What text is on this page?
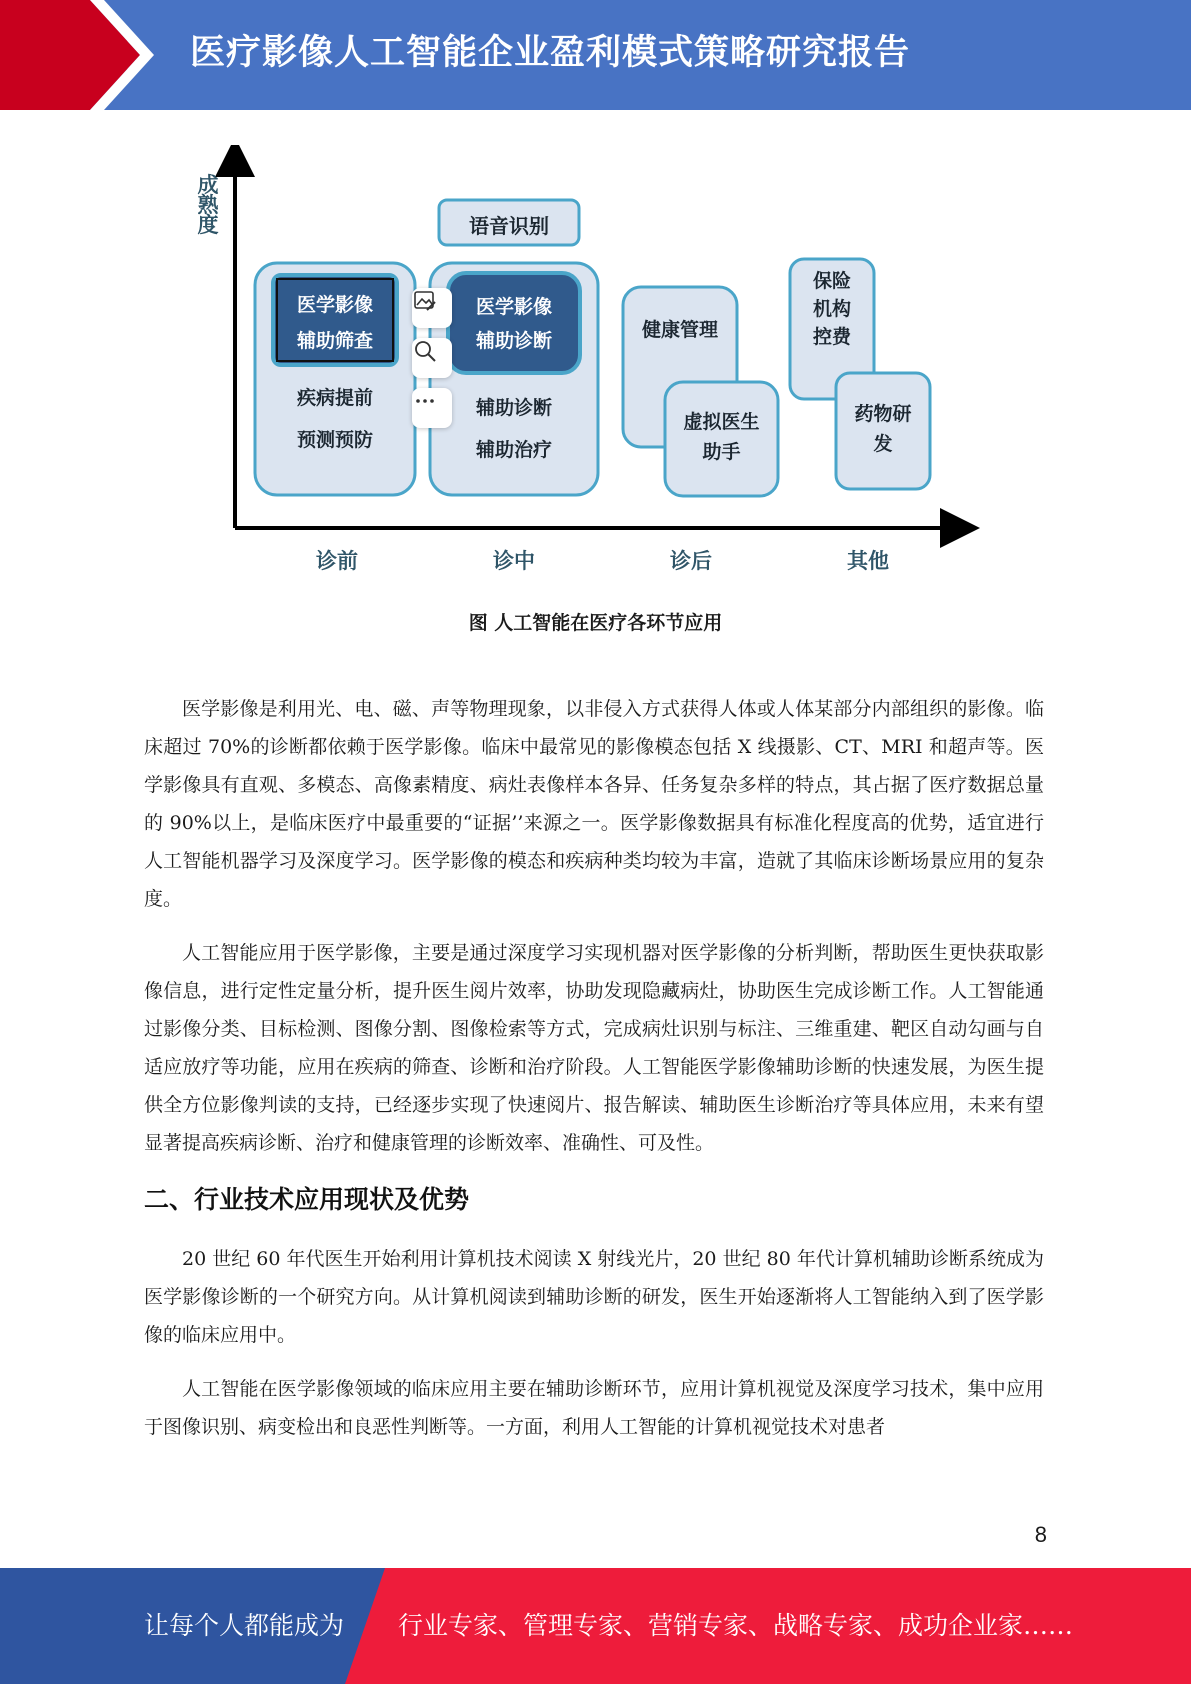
医疗影像人工智能企业盈利模式策略研究报告
成
熟
度	语音识别
医学影像
辅助筛查
疾病提前
预测预防
医学影像
辅助诊断
辅助诊断
辅助治疗
健康管理
虚拟医生
助手
保险
机构
控费
药物研
发
诊前	诊中	诊后	其他
图 人工智能在医疗各环节应用

医学影像是利用光、电、磁、声等物理现象，以非侵入方式获得人体或人体某部分内部组织的影像。临床超过 70%的诊断都依赖于医学影像。临床中最常见的影像模态包括 X 线摄影、CT、MRI 和超声等。医学影像具有直观、多模态、高像素精度、病灶表像样本各异、任务复杂多样的特点，其占据了医疗数据总量的 90%以上，是临床医疗中最重要的“证据’’来源之一。医学影像数据具有标准化程度高的优势，适宜进行人工智能机器学习及深度学习。医学影像的模态和疾病种类均较为丰富，造就了其临床诊断场景应用的复杂度。

人工智能应用于医学影像，主要是通过深度学习实现机器对医学影像的分析判断，帮助医生更快获取影像信息，进行定性定量分析，提升医生阅片效率，协助发现隐藏病灶，协助医生完成诊断工作。人工智能通过影像分类、目标检测、图像分割、图像检索等方式，完成病灶识别与标注、三维重建、靶区自动勾画与自适应放疗等功能，应用在疾病的筛查、诊断和治疗阶段。人工智能医学影像辅助诊断的快速发展，为医生提供全方位影像判读的支持，已经逐步实现了快速阅片、报告解读、辅助医生诊断治疗等具体应用，未来有望显著提高疾病诊断、治疗和健康管理的诊断效率、准确性、可及性。

二、行业技术应用现状及优势

20 世纪 60 年代医生开始利用计算机技术阅读 X 射线光片，20 世纪 80 年代计算机辅助诊断系统成为医学影像诊断的一个研究方向。从计算机阅读到辅助诊断的研发，医生开始逐渐将人工智能纳入到了医学影像的临床应用中。

人工智能在医学影像领域的临床应用主要在辅助诊断环节，应用计算机视觉及深度学习技术，集中应用于图像识别、病变检出和良恶性判断等。一方面，利用人工智能的计算机视觉技术对患者

8
让每个人都能成为 行业专家、管理专家、营销专家、战略专家、成功企业家……
